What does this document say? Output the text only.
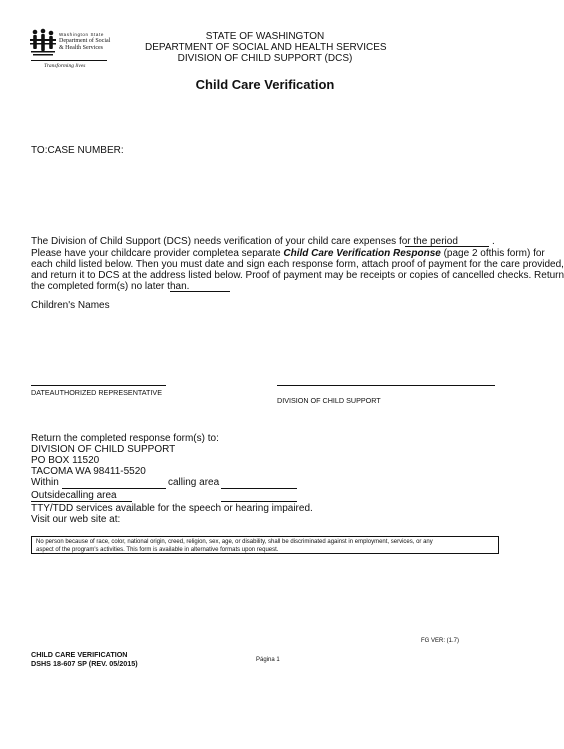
Washington State
Department of Social
& Health Services
Transforming lives
STATE OF WASHINGTON
DEPARTMENT OF SOCIAL AND HEALTH SERVICES
DIVISION OF CHILD SUPPORT (DCS)
Child Care Verification
TO:CASE NUMBER:
The Division of Child Support (DCS) needs verification of your child care expenses for the period	.
Please have your childcare provider completea separate Child Care Verification Response (page 2 ofthis form) for
each child listed below. Then you must date and sign each response form, attach proof of payment for the care provided,
and return it to DCS at the address listed below. Proof of payment may be receipts or copies of cancelled checks. Return
the completed form(s) no later than.
Children's Names
DATEAUTHORIZED REPRESENTATIVE
DIVISION OF CHILD SUPPORT
Return the completed response form(s) to:
DIVISION OF CHILD SUPPORT
PO BOX 11520
TACOMA WA 98411-5520
Within	calling area
Outsidecalling area
TTY/TDD services available for the speech or hearing impaired.
Visit our web site at:
No person because of race, color, national origin, creed, religion, sex, age, or disability, shall be discriminated against in employment, services, or any
aspect of the program's activities. This form is available in alternative formats upon request.
FG VER: (1.7)
CHILD CARE VERIFICATION
Página 1
DSHS 18-607 SP (REV. 05/2015)
